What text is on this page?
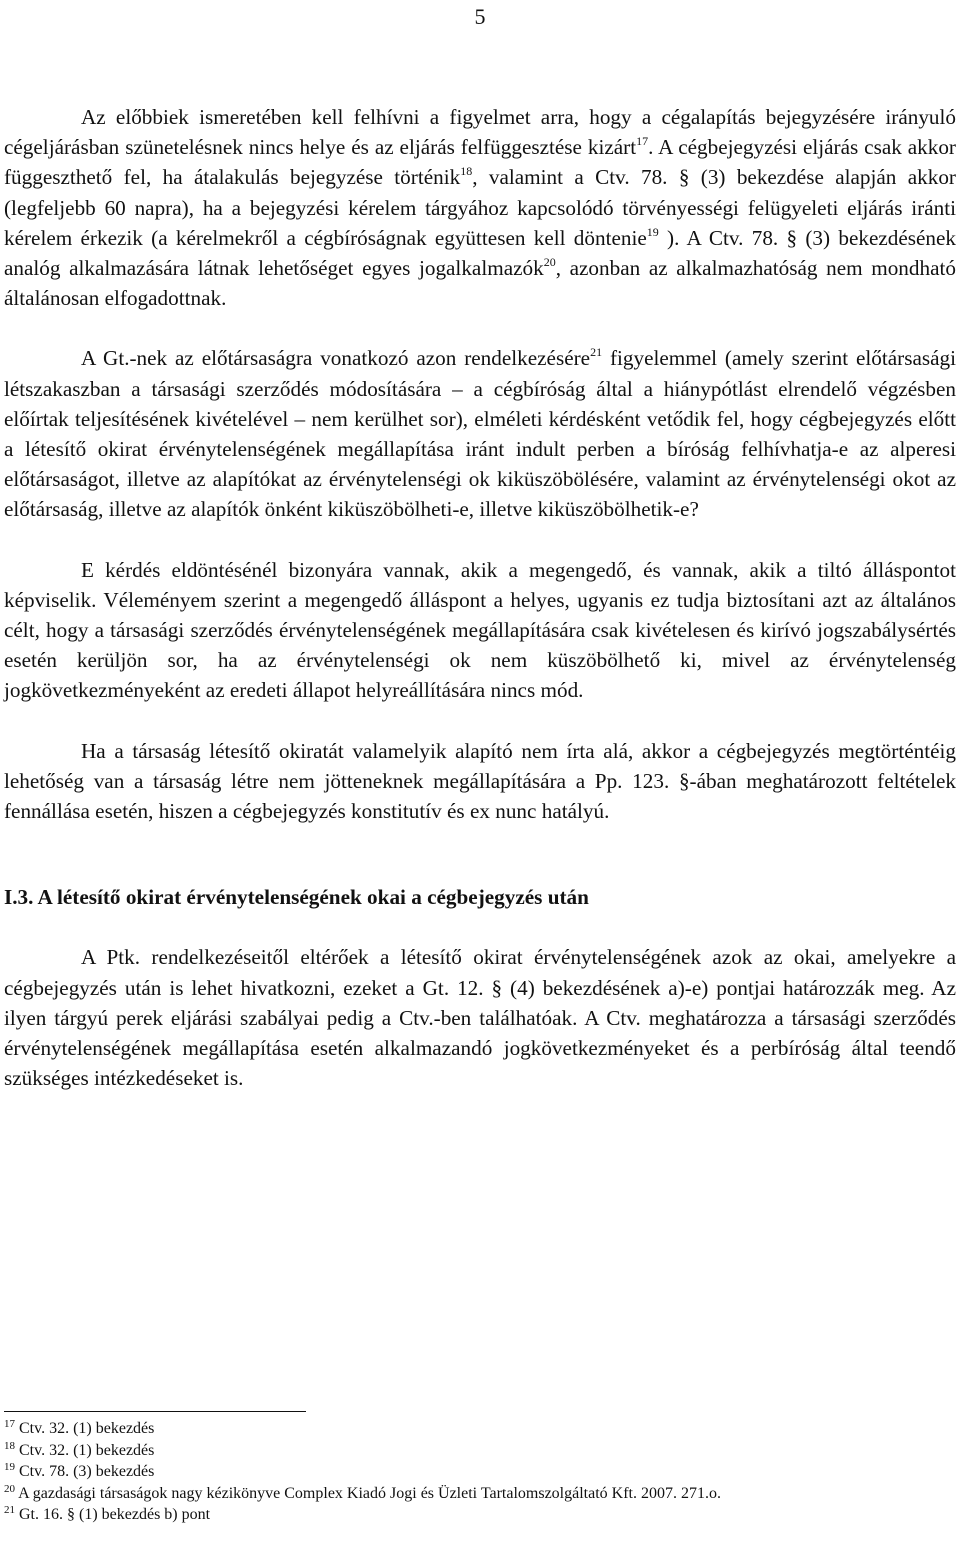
5

Az előbbiek ismeretében kell felhívni a figyelmet arra, hogy a cégalapítás bejegyzésére irányuló cégeljárásban szünetelésnek nincs helye és az eljárás felfüggesztése kizárt$^{17}$. A cégbejegyzési eljárás csak akkor függeszthető fel, ha átalakulás bejegyzése történik$^{18}$, valamint a Ctv. 78. § (3) bekezdése alapján akkor (legfeljebb 60 napra), ha a bejegyzési kérelem tárgyához kapcsolódó törvényességi felügyeleti eljárás iránti kérelem érkezik (a kérelmekről a cégbíróságnak együttesen kell döntenie$^{19}$ ). A Ctv. 78. § (3) bekezdésének analóg alkalmazására látnak lehetőséget egyes jogalkalmazók$^{20}$, azonban az alkalmazhatóság nem mondható általánosan elfogadottnak.

A Gt.-nek az előtársaságra vonatkozó azon rendelkezésére$^{21}$ figyelemmel (amely szerint előtársasági létszakaszban a társasági szerződés módosítására – a cégbíróság által a hiánypótlást elrendelő végzésben előírtak teljesítésének kivételével – nem kerülhet sor), elméleti kérdésként vetődik fel, hogy cégbejegyzés előtt a létesítő okirat érvénytelenségének megállapítása iránt indult perben a bíróság felhívhatja-e az alperesi előtársaságot, illetve az alapítókat az érvénytelenségi ok kiküszöbölésére, valamint az érvénytelenségi okot az előtársaság, illetve az alapítók önként kiküszöbölheti-e, illetve kiküszöbölhetik-e?

E kérdés eldöntésénél bizonyára vannak, akik a megengedő, és vannak, akik a tiltó álláspontot képviselik. Véleményem szerint a megengedő álláspont a helyes, ugyanis ez tudja biztosítani azt az általános célt, hogy a társasági szerződés érvénytelenségének megállapítására csak kivételesen és kirívó jogszabálysértés esetén kerüljön sor, ha az érvénytelenségi ok nem küszöbölhető ki, mivel az érvénytelenség jogkövetkezményeként az eredeti állapot helyreállítására nincs mód.

Ha a társaság létesítő okiratát valamelyik alapító nem írta alá, akkor a cégbejegyzés megtörténtéig lehetőség van a társaság létre nem jötteneknek megállapítására a Pp. 123. §-ában meghatározott feltételek fennállása esetén, hiszen a cégbejegyzés konstitutív és ex nunc hatályú.

I.3. A létesítő okirat érvénytelenségének okai a cégbejegyzés után

A Ptk. rendelkezéseitől eltérőek a létesítő okirat érvénytelenségének azok az okai, amelyekre a cégbejegyzés után is lehet hivatkozni, ezeket a Gt. 12. § (4) bekezdésének a)-e) pontjai határozzák meg. Az ilyen tárgyú perek eljárási szabályai pedig a Ctv.-ben találhatóak. A Ctv. meghatározza a társasági szerződés érvénytelenségének megállapítása esetén alkalmazandó jogkövetkezményeket és a perbíróság által teendő szükséges intézkedéseket is.

$^{17}$ Ctv. 32. (1) bekezdés

$^{18}$ Ctv. 32. (1) bekezdés

$^{19}$ Ctv. 78. (3) bekezdés

$^{20}$ A gazdasági társaságok nagy kézikönyve Complex Kiadó Jogi és Üzleti Tartalomszolgáltató Kft. 2007. 271.o.

$^{21}$ Gt. 16. § (1) bekezdés b) pont
